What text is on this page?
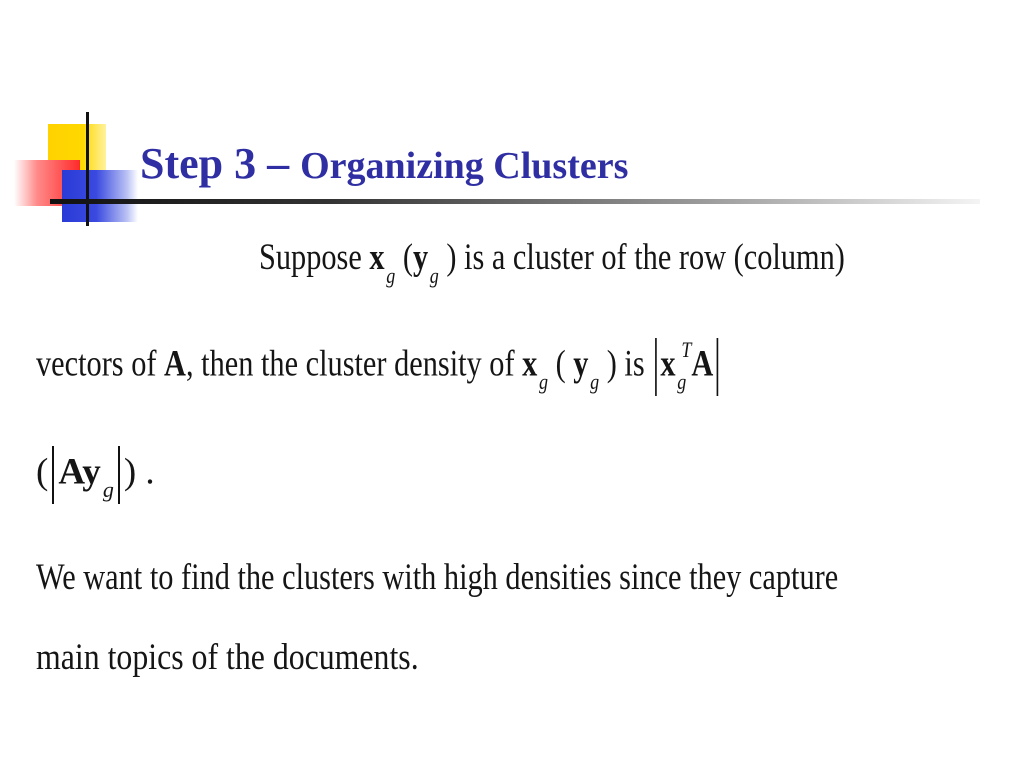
Step 3 – Organizing Clusters
Suppose $x_g$ ($y_g$ ) is a cluster of the row (column)
vectors of A, then the cluster density of $x_g$ ( $y_g$ ) is $x_g^TA$
( $Ay_g$ ) .
We want to find the clusters with high densities since they capture
main topics of the documents.
